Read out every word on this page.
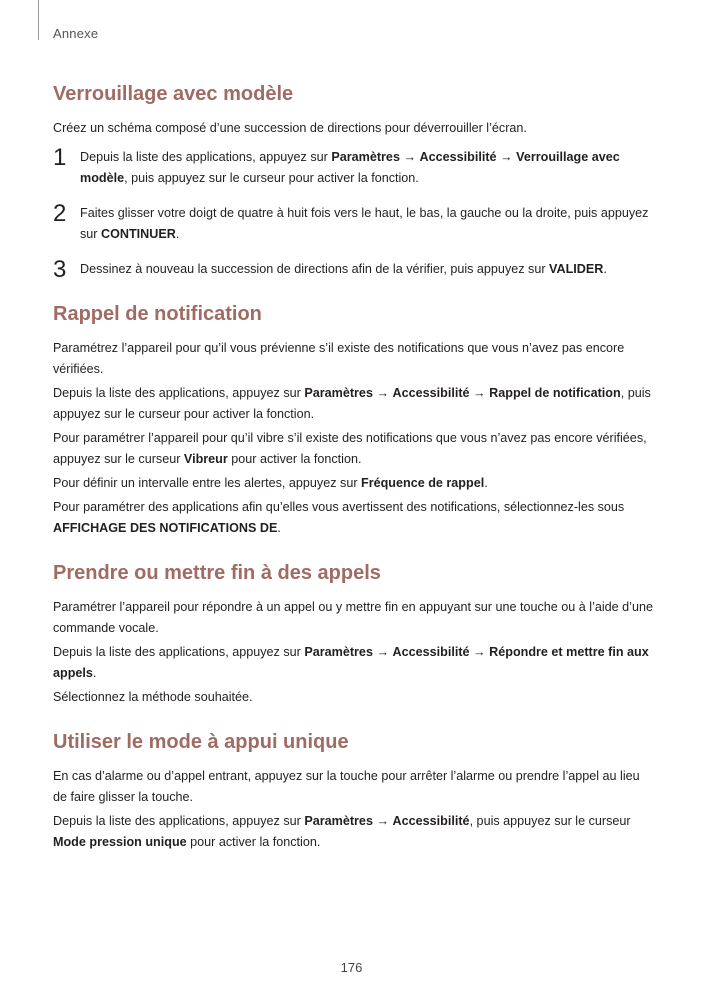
Annexe
Verrouillage avec modèle

Créez un schéma composé d’une succession de directions pour déverrouiller l’écran.

1 Depuis la liste des applications, appuyez sur Paramètres → Accessibilité → Verrouillage avec modèle, puis appuyez sur le curseur pour activer la fonction.

2 Faites glisser votre doigt de quatre à huit fois vers le haut, le bas, la gauche ou la droite, puis appuyez sur CONTINUER.

3 Dessinez à nouveau la succession de directions afin de la vérifier, puis appuyez sur VALIDER.

Rappel de notification

Paramétrez l’appareil pour qu’il vous prévienne s’il existe des notifications que vous n’avez pas encore vérifiées.

Depuis la liste des applications, appuyez sur Paramètres → Accessibilité → Rappel de notification, puis appuyez sur le curseur pour activer la fonction.

Pour paramétrer l’appareil pour qu’il vibre s’il existe des notifications que vous n’avez pas encore vérifiées, appuyez sur le curseur Vibreur pour activer la fonction.

Pour définir un intervalle entre les alertes, appuyez sur Fréquence de rappel.

Pour paramétrer des applications afin qu’elles vous avertissent des notifications, sélectionnez-les sous AFFICHAGE DES NOTIFICATIONS DE.

Prendre ou mettre fin à des appels

Paramétrer l’appareil pour répondre à un appel ou y mettre fin en appuyant sur une touche ou à l’aide d’une commande vocale.

Depuis la liste des applications, appuyez sur Paramètres → Accessibilité → Répondre et mettre fin aux appels.

Sélectionnez la méthode souhaitée.

Utiliser le mode à appui unique

En cas d’alarme ou d’appel entrant, appuyez sur la touche pour arrêter l’alarme ou prendre l’appel au lieu de faire glisser la touche.

Depuis la liste des applications, appuyez sur Paramètres → Accessibilité, puis appuyez sur le curseur Mode pression unique pour activer la fonction.

176
